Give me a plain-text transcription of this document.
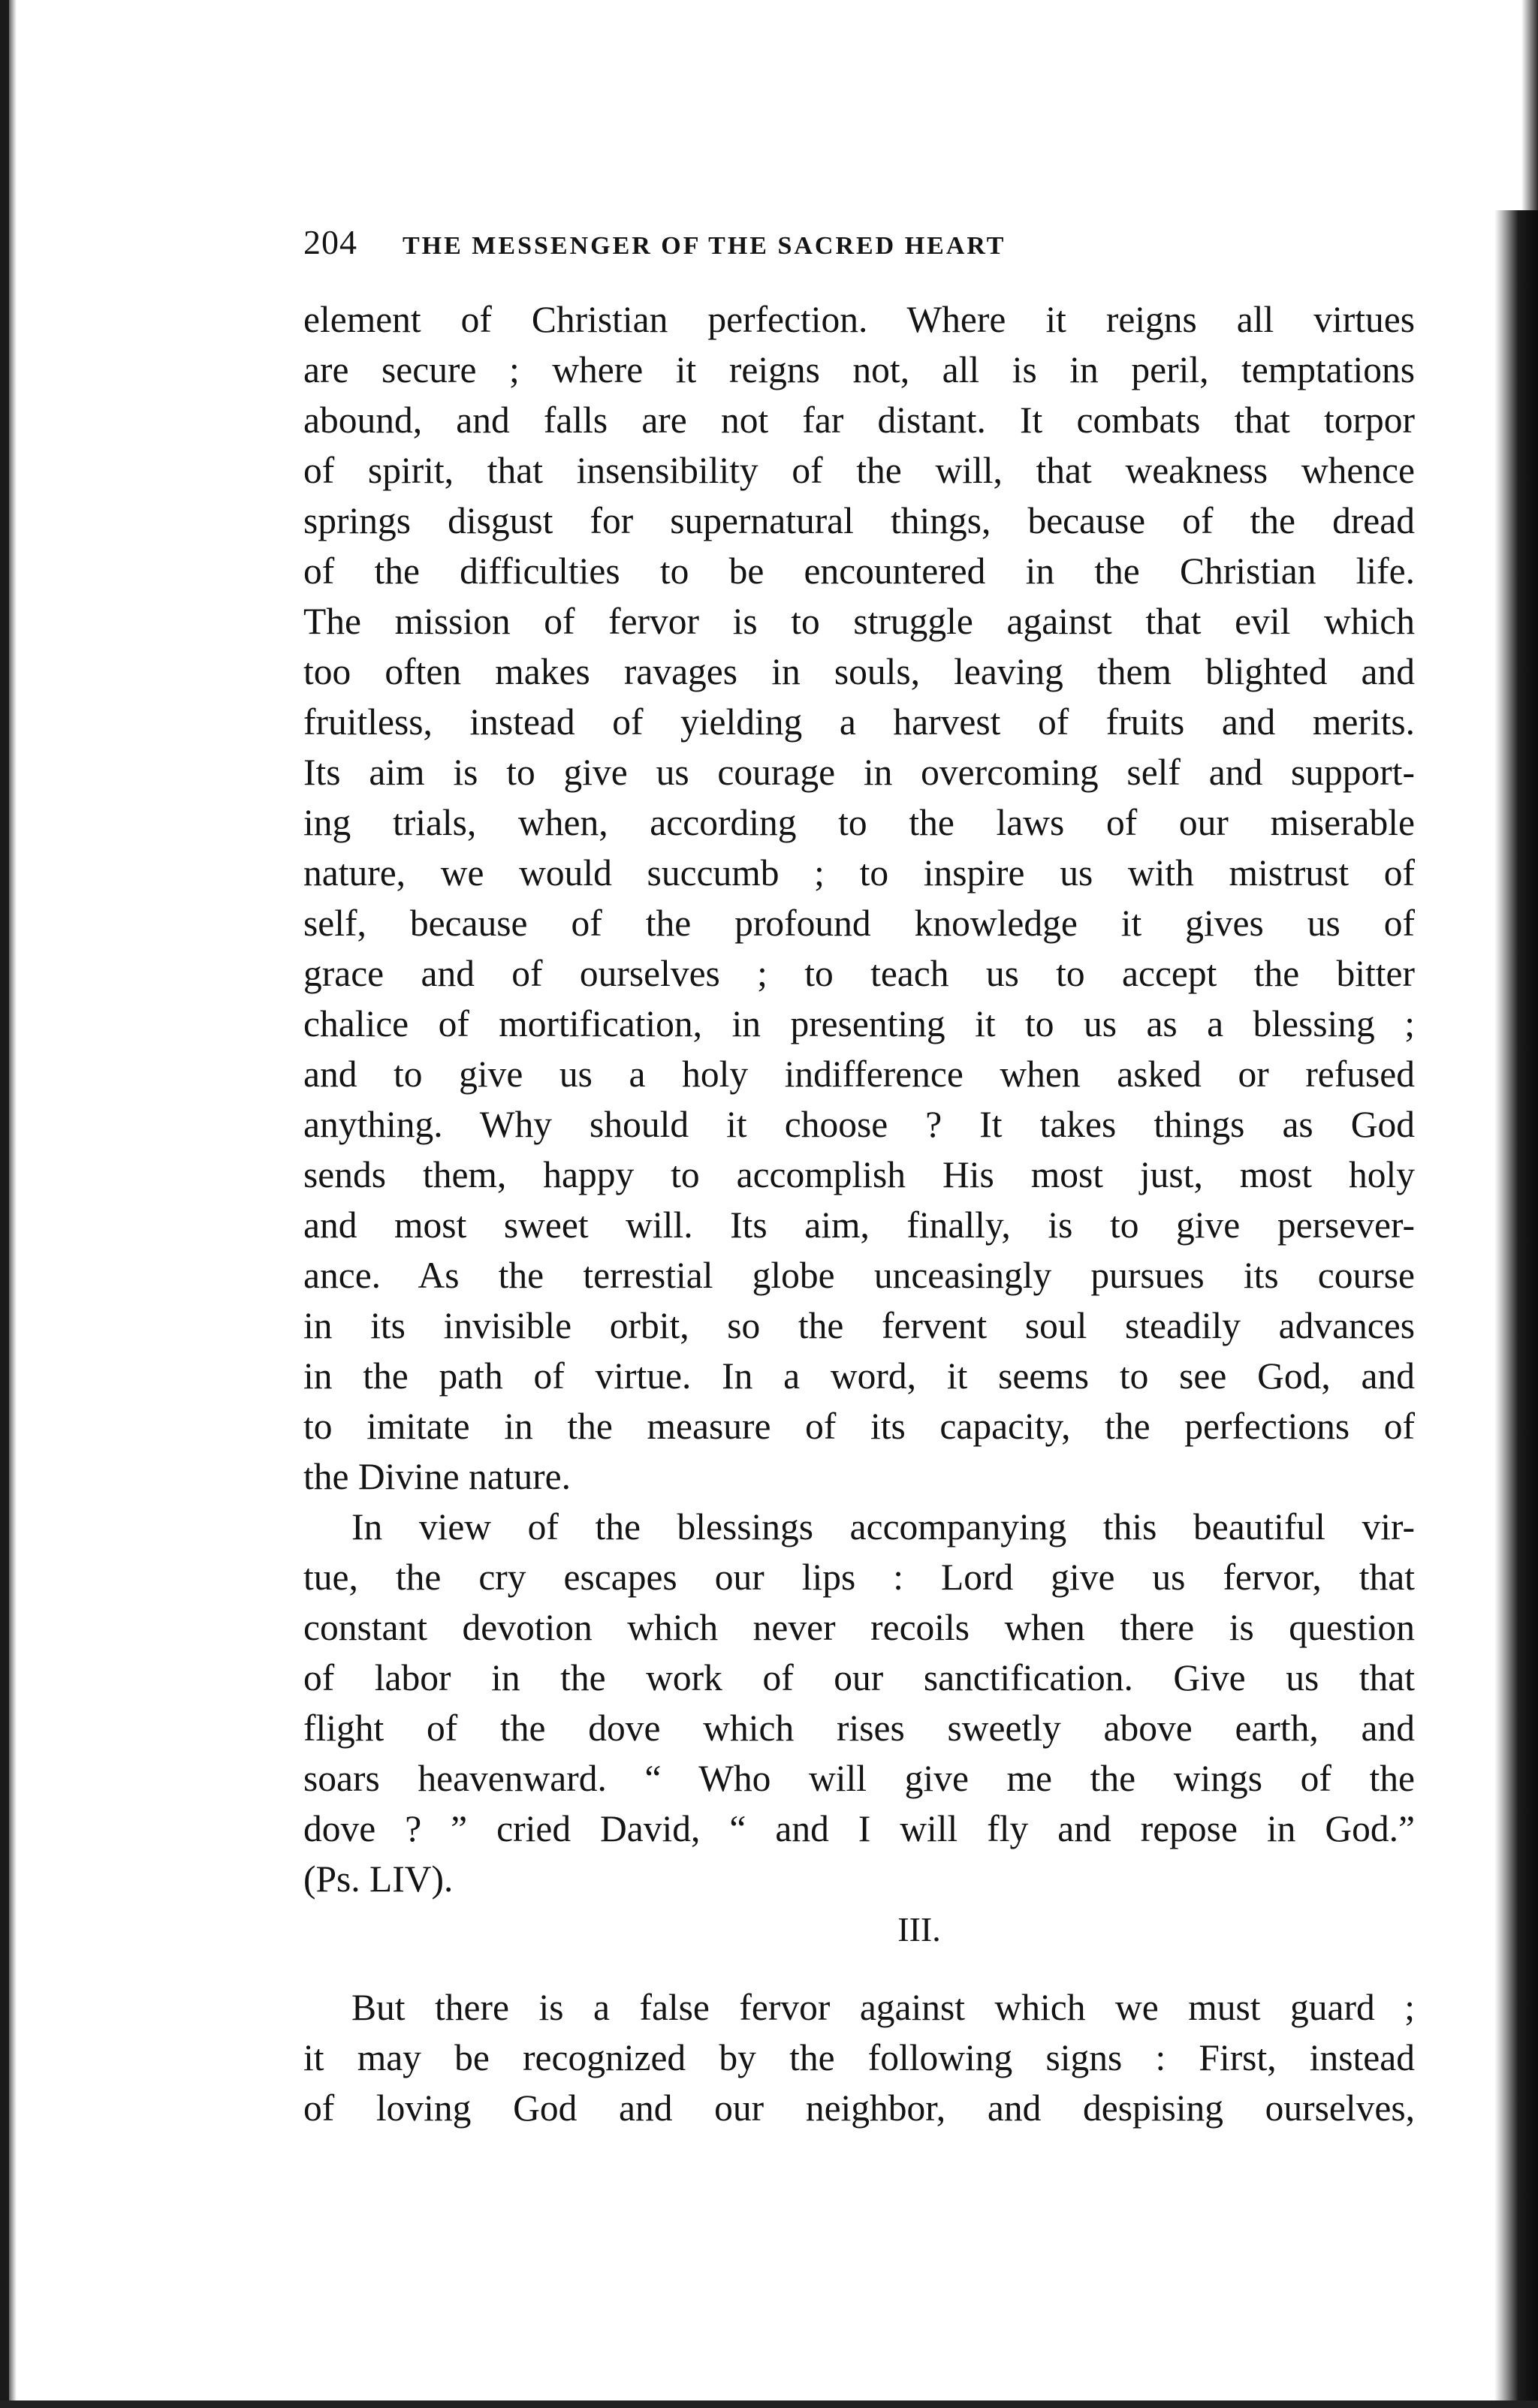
204 THE MESSENGER OF THE SACRED HEART
element of Christian perfection. Where it reigns all virtues
are secure ; where it reigns not, all is in peril, temptations
abound, and falls are not far distant. It combats that torpor
of spirit, that insensibility of the will, that weakness whence
springs disgust for supernatural things, because of the dread
of the difficulties to be encountered in the Christian life.
The mission of fervor is to struggle against that evil which
too often makes ravages in souls, leaving them blighted and
fruitless, instead of yielding a harvest of fruits and merits.
Its aim is to give us courage in overcoming self and support-
ing trials, when, according to the laws of our miserable
nature, we would succumb ; to inspire us with mistrust of
self, because of the profound knowledge it gives us of
grace and of ourselves ; to teach us to accept the bitter
chalice of mortification, in presenting it to us as a blessing ;
and to give us a holy indifference when asked or refused
anything. Why should it choose ? It takes things as God
sends them, happy to accomplish His most just, most holy
and most sweet will. Its aim, finally, is to give persever-
ance. As the terrestial globe unceasingly pursues its course
in its invisible orbit, so the fervent soul steadily advances
in the path of virtue. In a word, it seems to see God, and
to imitate in the measure of its capacity, the perfections of
the Divine nature.
In view of the blessings accompanying this beautiful vir-
tue, the cry escapes our lips : Lord give us fervor, that
constant devotion which never recoils when there is question
of labor in the work of our sanctification. Give us that
flight of the dove which rises sweetly above earth, and
soars heavenward. “ Who will give me the wings of the
dove ? ” cried David, “ and I will fly and repose in God.”
(Ps. LIV).
III.
But there is a false fervor against which we must guard ;
it may be recognized by the following signs : First, instead
of loving God and our neighbor, and despising ourselves,
